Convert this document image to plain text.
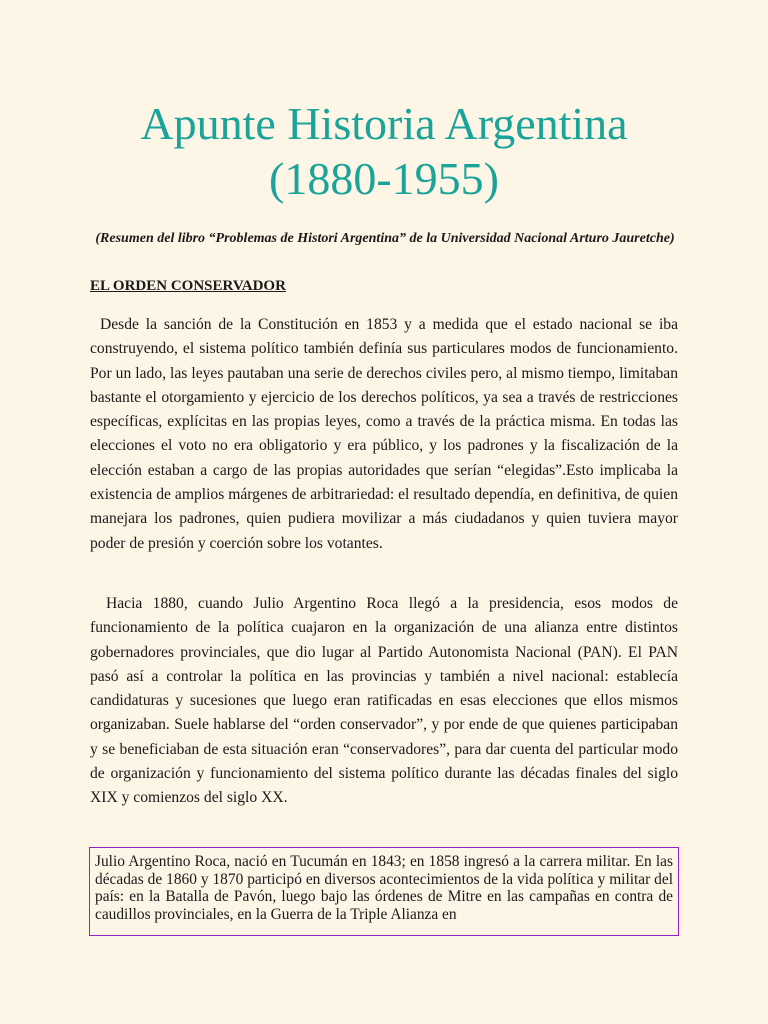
Apunte Historia Argentina
(1880-1955)

(Resumen del libro “Problemas de Histori Argentina” de la Universidad Nacional Arturo Jauretche)

EL ORDEN CONSERVADOR

Desde la sanción de la Constitución en 1853 y a medida que el estado nacional se iba construyendo, el sistema político también definía sus particulares modos de funcionamiento. Por un lado, las leyes pautaban una serie de derechos civiles pero, al mismo tiempo, limitaban bastante el otorgamiento y ejercicio de los derechos políticos, ya sea a través de restricciones específicas, explícitas en las propias leyes, como a través de la práctica misma. En todas las elecciones el voto no era obligatorio y era público, y los padrones y la fiscalización de la elección estaban a cargo de las propias autoridades que serían “elegidas”.Esto implicaba la existencia de amplios márgenes de arbitrariedad: el resultado dependía, en definitiva, de quien manejara los padrones, quien pudiera movilizar a más ciudadanos y quien tuviera mayor poder de presión y coerción sobre los votantes.

Hacia 1880, cuando Julio Argentino Roca llegó a la presidencia, esos modos de funcionamiento de la política cuajaron en la organización de una alianza entre distintos gobernadores provinciales, que dio lugar al Partido Autonomista Nacional (PAN). El PAN pasó así a controlar la política en las provincias y también a nivel nacional: establecía candidaturas y sucesiones que luego eran ratificadas en esas elecciones que ellos mismos organizaban. Suele hablarse del “orden conservador”, y por ende de que quienes participaban y se beneficiaban de esta situación eran “conservadores”, para dar cuenta del particular modo de organización y funcionamiento del sistema político durante las décadas finales del siglo XIX y comienzos del siglo XX.

Julio Argentino Roca, nació en Tucumán en 1843; en 1858 ingresó a la carrera militar. En las décadas de 1860 y 1870 participó en diversos acontecimientos de la vida política y militar del país: en la Batalla de Pavón, luego bajo las órdenes de Mitre en las campañas en contra de caudillos provinciales, en la Guerra de la Triple Alianza en
